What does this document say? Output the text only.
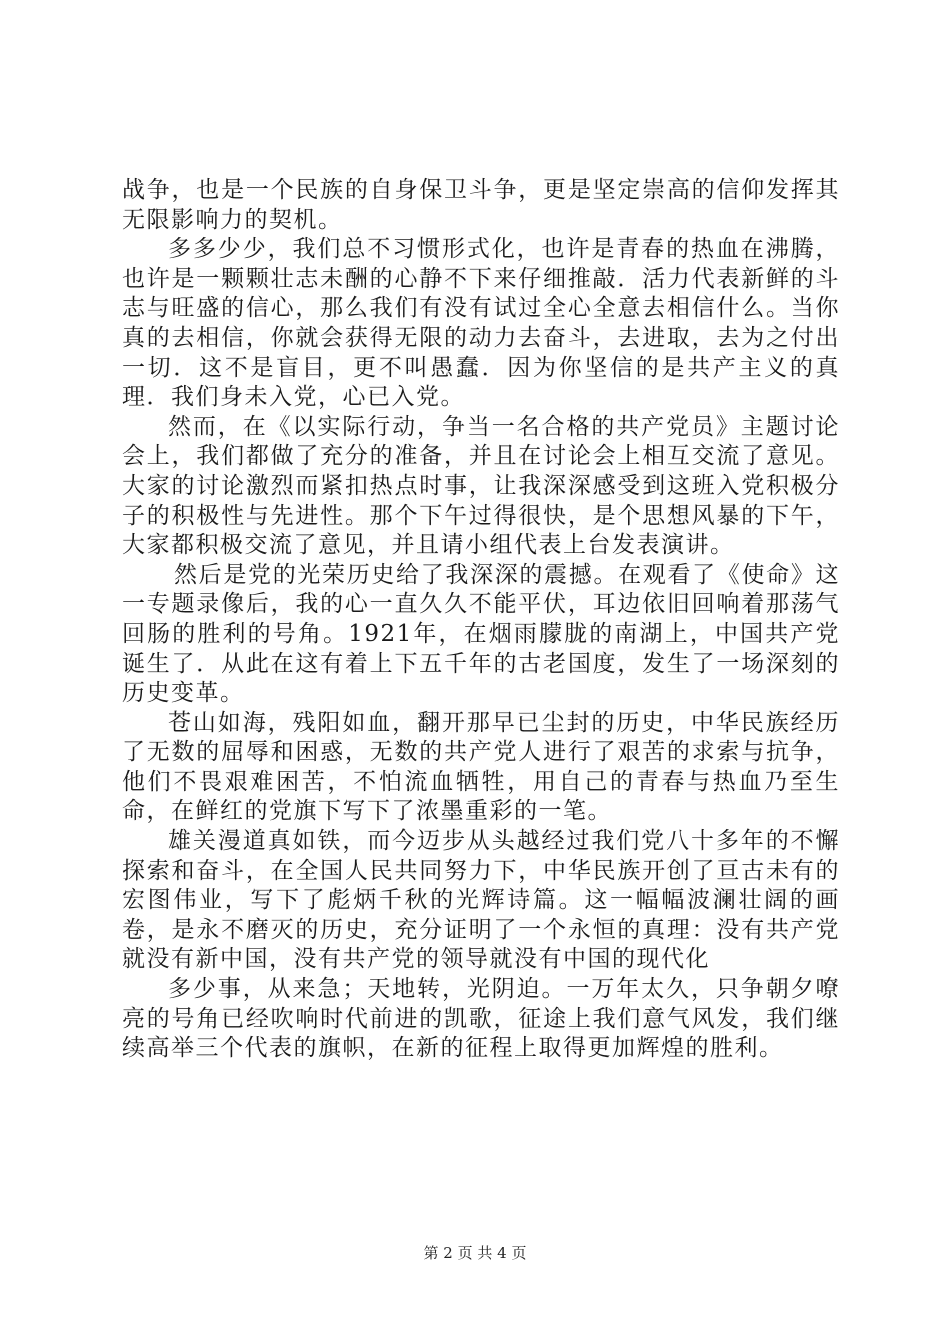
战争，也是一个民族的自身保卫斗争，更是坚定崇高的信仰发挥其无限影响力的契机。

多多少少，我们总不习惯形式化，也许是青春的热血在沸腾，也许是一颗颗壮志未酬的心静不下来仔细推敲．活力代表新鲜的斗志与旺盛的信心，那么我们有没有试过全心全意去相信什么。当你真的去相信，你就会获得无限的动力去奋斗，去进取，去为之付出一切．这不是盲目，更不叫愚蠢．因为你坚信的是共产主义的真理．我们身未入党，心已入党。

然而，在《以实际行动，争当一名合格的共产党员》主题讨论会上，我们都做了充分的准备，并且在讨论会上相互交流了意见。大家的讨论激烈而紧扣热点时事，让我深深感受到这班入党积极分子的积极性与先进性。那个下午过得很快，是个思想风暴的下午，大家都积极交流了意见，并且请小组代表上台发表演讲。

然后是党的光荣历史给了我深深的震撼。在观看了《使命》这一专题录像后，我的心一直久久不能平伏，耳边依旧回响着那荡气回肠的胜利的号角。1921年，在烟雨朦胧的南湖上，中国共产党诞生了．从此在这有着上下五千年的古老国度，发生了一场深刻的历史变革。

苍山如海，残阳如血，翻开那早已尘封的历史，中华民族经历了无数的屈辱和困惑，无数的共产党人进行了艰苦的求索与抗争，他们不畏艰难困苦，不怕流血牺牲，用自己的青春与热血乃至生命，在鲜红的党旗下写下了浓墨重彩的一笔。

雄关漫道真如铁，而今迈步从头越经过我们党八十多年的不懈探索和奋斗，在全国人民共同努力下，中华民族开创了亘古未有的宏图伟业，写下了彪炳千秋的光辉诗篇。这一幅幅波澜壮阔的画卷，是永不磨灭的历史，充分证明了一个永恒的真理：没有共产党就没有新中国，没有共产党的领导就没有中国的现代化

多少事，从来急；天地转，光阴迫。一万年太久，只争朝夕嘹亮的号角已经吹响时代前进的凯歌，征途上我们意气风发，我们继续高举三个代表的旗帜，在新的征程上取得更加辉煌的胜利。

第 2 页 共 4 页
